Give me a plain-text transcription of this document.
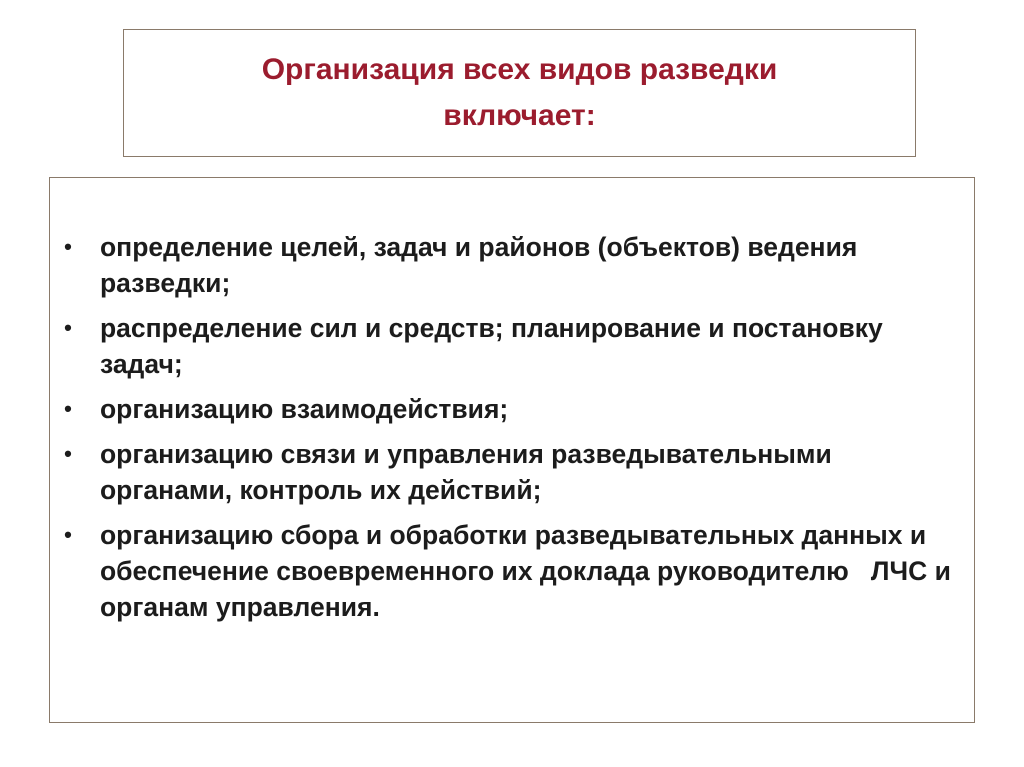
Организация всех видов разведки включает:
• определение целей, задач и районов (объектов) ведения разведки;
• распределение сил и средств; планирование и постановку задач;
• организацию взаимодействия;
• организацию связи и управления разведывательными органами, контроль их действий;
• организацию сбора и обработки разведывательных данных и обеспечение своевременного их доклада руководителю   ЛЧС и органам управления.
